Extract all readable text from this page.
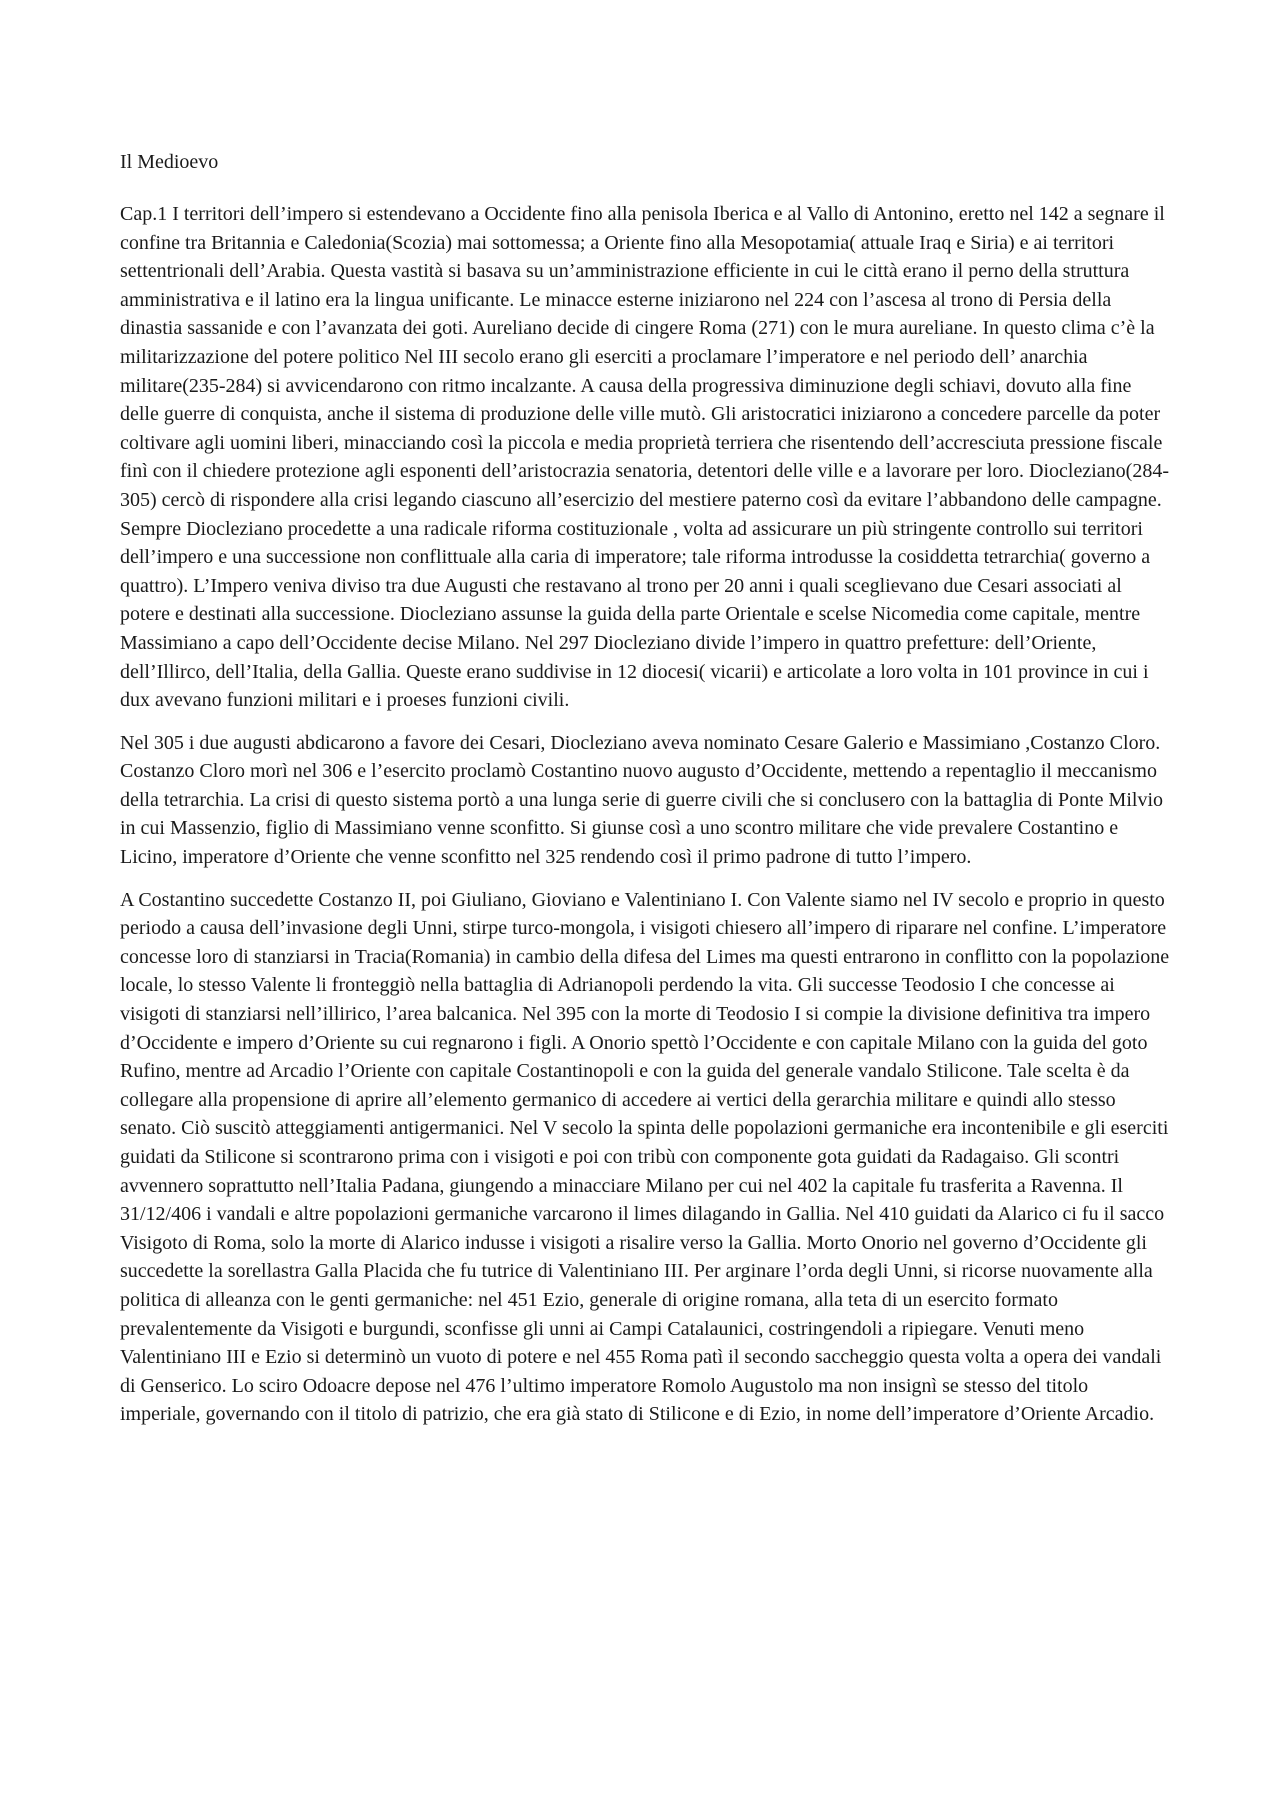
Il Medioevo

Cap.1 I territori dell’impero si estendevano a Occidente fino alla penisola Iberica e al Vallo di Antonino, eretto nel 142 a segnare il confine tra Britannia e Caledonia(Scozia) mai sottomessa; a Oriente fino alla Mesopotamia( attuale Iraq e Siria) e ai territori settentrionali dell’Arabia. Questa vastità si basava su un’amministrazione efficiente in cui le città erano il perno della struttura amministrativa e il latino era la lingua unificante. Le minacce esterne iniziarono nel 224 con l’ascesa al trono di Persia della dinastia sassanide e con l’avanzata dei goti. Aureliano decide di cingere Roma (271) con le mura aureliane. In questo clima c’è la militarizzazione del potere politico Nel III secolo erano gli eserciti a proclamare l’imperatore e nel periodo dell’ anarchia militare(235-284) si avvicendarono con ritmo incalzante. A causa della progressiva diminuzione degli schiavi, dovuto alla fine delle guerre di conquista, anche il sistema di produzione delle ville mutò. Gli aristocratici iniziarono a concedere parcelle da poter coltivare agli uomini liberi, minacciando così la piccola e media proprietà terriera che risentendo dell’accresciuta pressione fiscale finì con il chiedere protezione agli esponenti dell’aristocrazia senatoria, detentori delle ville e a lavorare per loro. Diocleziano(284-305) cercò di rispondere alla crisi legando ciascuno all’esercizio del mestiere paterno così da evitare l’abbandono delle campagne. Sempre Diocleziano procedette a una radicale riforma costituzionale , volta ad assicurare un più stringente controllo sui territori dell’impero e una successione non conflittuale alla caria di imperatore; tale riforma introdusse la cosiddetta tetrarchia( governo a quattro). L’Impero veniva diviso tra due Augusti che restavano al trono per 20 anni i quali sceglievano due Cesari associati al potere e destinati alla successione. Diocleziano assunse la guida della parte Orientale e scelse Nicomedia come capitale, mentre Massimiano a capo dell’Occidente decise Milano. Nel 297 Diocleziano divide l’impero in quattro prefetture: dell’Oriente, dell’Illirco, dell’Italia, della Gallia. Queste erano suddivise in 12 diocesi( vicarii) e articolate a loro volta in 101 province in cui i dux avevano funzioni militari e i proeses funzioni civili.

Nel 305 i due augusti abdicarono a favore dei Cesari, Diocleziano aveva nominato Cesare Galerio e Massimiano ,Costanzo Cloro. Costanzo Cloro morì nel 306 e l’esercito proclamò Costantino nuovo augusto d’Occidente, mettendo a repentaglio il meccanismo della tetrarchia. La crisi di questo sistema portò a una lunga serie di guerre civili che si conclusero con la battaglia di Ponte Milvio in cui Massenzio, figlio di Massimiano venne sconfitto. Si giunse così a uno scontro militare che vide prevalere Costantino e Licino, imperatore d’Oriente che venne sconfitto nel 325 rendendo così il primo padrone di tutto l’impero.

A Costantino succedette Costanzo II, poi Giuliano, Gioviano e Valentiniano I. Con Valente siamo nel IV secolo e proprio in questo periodo a causa dell’invasione degli Unni, stirpe turco-mongola, i visigoti chiesero all’impero di riparare nel confine. L’imperatore concesse loro di stanziarsi in Tracia(Romania) in cambio della difesa del Limes ma questi entrarono in conflitto con la popolazione locale, lo stesso Valente li fronteggiò nella battaglia di Adrianopoli perdendo la vita. Gli successe Teodosio I che concesse ai visigoti di stanziarsi nell’illirico, l’area balcanica. Nel 395 con la morte di Teodosio I si compie la divisione definitiva tra impero d’Occidente e impero d’Oriente su cui regnarono i figli. A Onorio spettò l’Occidente e con capitale Milano con la guida del goto Rufino, mentre ad Arcadio l’Oriente con capitale Costantinopoli e con la guida del generale vandalo Stilicone. Tale scelta è da collegare alla propensione di aprire all’elemento germanico di accedere ai vertici della gerarchia militare e quindi allo stesso senato. Ciò suscitò atteggiamenti antigermanici. Nel V secolo la spinta delle popolazioni germaniche era incontenibile e gli eserciti guidati da Stilicone si scontrarono prima con i visigoti e poi con tribù con componente gota guidati da Radagaiso. Gli scontri avvennero soprattutto nell’Italia Padana, giungendo a minacciare Milano per cui nel 402 la capitale fu trasferita a Ravenna. Il 31/12/406 i vandali e altre popolazioni germaniche varcarono il limes dilagando in Gallia. Nel 410 guidati da Alarico ci fu il sacco Visigoto di Roma, solo la morte di Alarico indusse i visigoti a risalire verso la Gallia. Morto Onorio nel governo d’Occidente gli succedette la sorellastra Galla Placida che fu tutrice di Valentiniano III. Per arginare l’orda degli Unni, si ricorse nuovamente alla politica di alleanza con le genti germaniche: nel 451 Ezio, generale di origine romana, alla teta di un esercito formato prevalentemente da Visigoti e burgundi, sconfisse gli unni ai Campi Catalaunici, costringendoli a ripiegare. Venuti meno Valentiniano III e Ezio si determinò un vuoto di potere e nel 455 Roma patì il secondo saccheggio questa volta a opera dei vandali di Genserico. Lo sciro Odoacre depose nel 476 l’ultimo imperatore Romolo Augustolo ma non insignì se stesso del titolo imperiale, governando con il titolo di patrizio, che era già stato di Stilicone e di Ezio, in nome dell’imperatore d’Oriente Arcadio.
